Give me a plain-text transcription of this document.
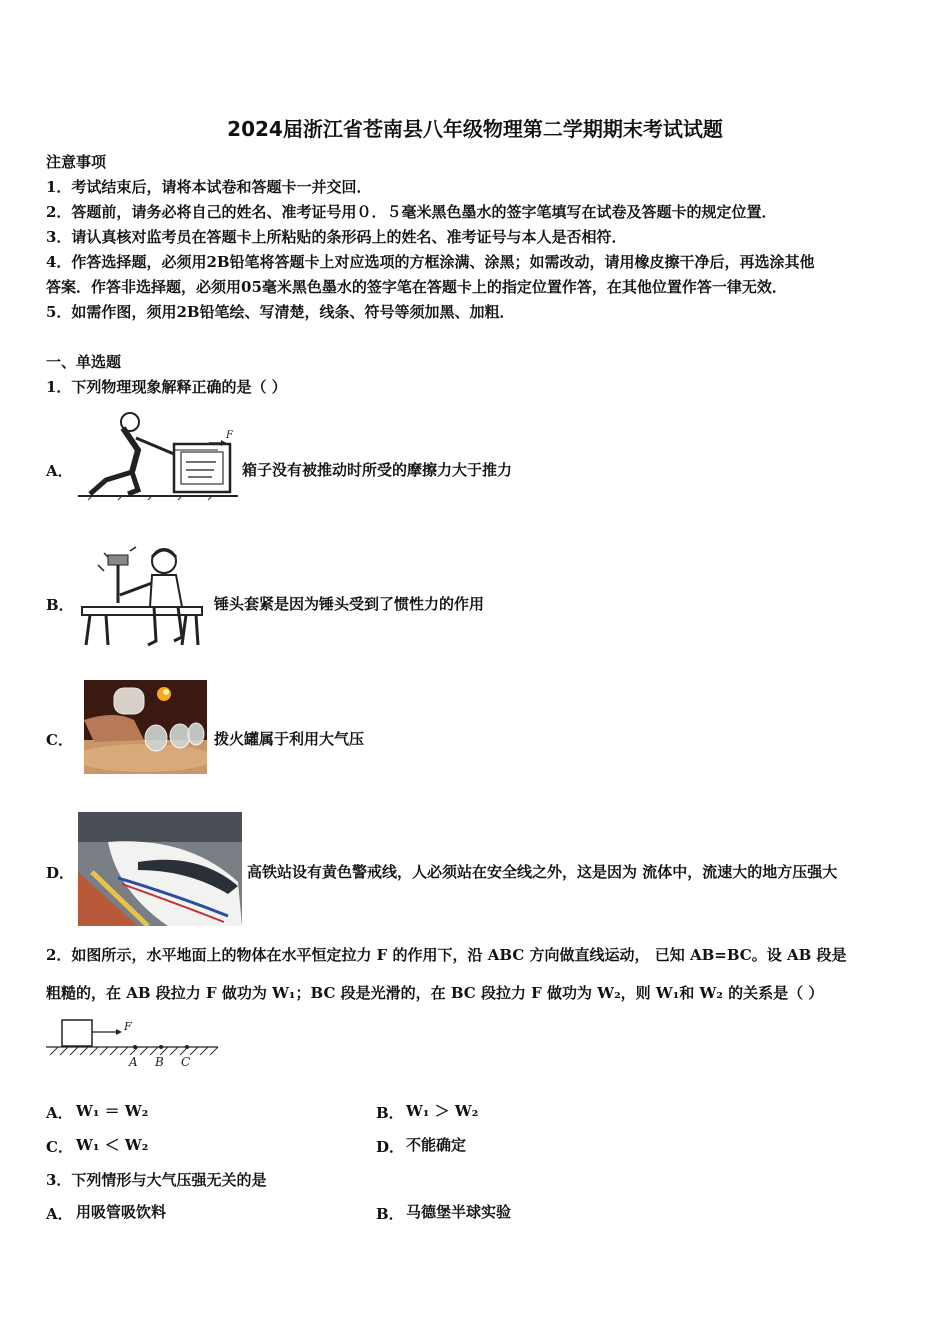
2024届浙江省苍南县八年级物理第二学期期末考试试题
注意事项
1．考试结束后，请将本试卷和答题卡一并交回．
2．答题前，请务必将自己的姓名、准考证号用０．５毫米黑色墨水的签字笔填写在试卷及答题卡的规定位置．
3．请认真核对监考员在答题卡上所粘贴的条形码上的姓名、准考证号与本人是否相符．
4．作答选择题，必须用2B铅笔将答题卡上对应选项的方框涂满、涂黑；如需改动，请用橡皮擦干净后，再选涂其他
答案．作答非选择题，必须用05毫米黑色墨水的签字笔在答题卡上的指定位置作答，在其他位置作答一律无效．
5．如需作图，须用2B铅笔绘、写清楚，线条、符号等须加黑、加粗．
一、单选题
1．下列物理现象解释正确的是（ ）
A．
F
箱子没有被推动时所受的摩擦力大于推力
B．	锤头套紧是因为锤头受到了惯性力的作用
C．	拨火罐属于利用大气压
D．	高铁站设有黄色警戒线，人必须站在安全线之外，这是因为 流体中，流速大的地方压强大
2．如图所示，水平地面上的物体在水平恒定拉力 F 的作用下，沿 ABC 方向做直线运动， 已知 AB=BC。设 AB 段是
粗糙的，在 AB 段拉力 F 做功为 W₁；BC 段是光滑的，在 BC 段拉力 F 做功为 W₂，则 W₁和 W₂ 的关系是（ ）
F
A B C
A． W₁ ＝ W₂	B． W₁ ＞ W₂
C． W₁ ＜ W₂	D． 不能确定
3．下列情形与大气压强无关的是
A． 用吸管吸饮料	B． 马德堡半球实验
